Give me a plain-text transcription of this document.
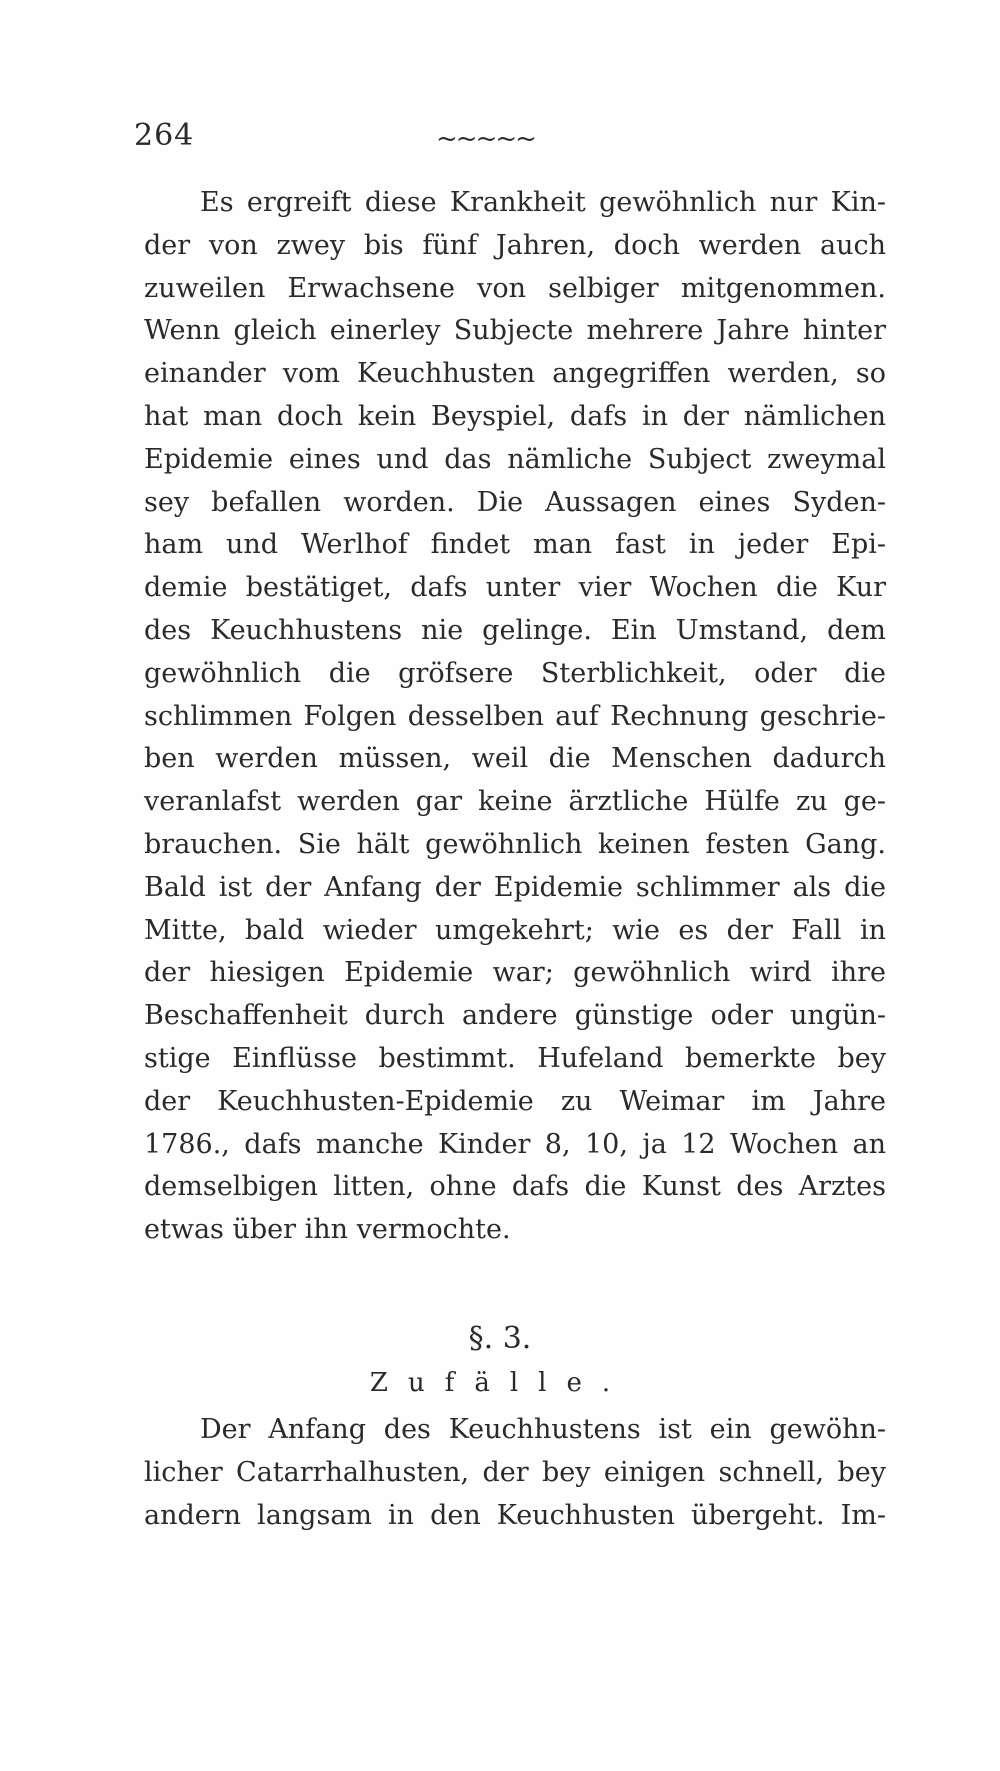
264	~~~~~
Es ergreift diese Krankheit gewöhnlich nur Kin-
der von zwey bis fünf Jahren, doch werden auch
zuweilen Erwachsene von selbiger mitgenommen.
Wenn gleich einerley Subjecte mehrere Jahre hinter
einander vom Keuchhusten angegriffen werden, so
hat man doch kein Beyspiel, dafs in der nämlichen
Epidemie eines und das nämliche Subject zweymal
sey befallen worden. Die Aussagen eines Syden-
ham und Werlhof findet man fast in jeder Epi-
demie bestätiget, dafs unter vier Wochen die Kur
des Keuchhustens nie gelinge. Ein Umstand, dem
gewöhnlich die gröfsere Sterblichkeit, oder die
schlimmen Folgen desselben auf Rechnung geschrie-
ben werden müssen, weil die Menschen dadurch
veranlafst werden gar keine ärztliche Hülfe zu ge-
brauchen. Sie hält gewöhnlich keinen festen Gang.
Bald ist der Anfang der Epidemie schlimmer als die
Mitte, bald wieder umgekehrt; wie es der Fall in
der hiesigen Epidemie war; gewöhnlich wird ihre
Beschaffenheit durch andere günstige oder ungün-
stige Einflüsse bestimmt. Hufeland bemerkte bey
der Keuchhusten-Epidemie zu Weimar im Jahre
1786., dafs manche Kinder 8, 10, ja 12 Wochen an
demselbigen litten, ohne dafs die Kunst des Arztes
etwas über ihn vermochte.
§. 3.
Zufälle.
Der Anfang des Keuchhustens ist ein gewöhn-
licher Catarrhalhusten, der bey einigen schnell, bey
andern langsam in den Keuchhusten übergeht. Im-
